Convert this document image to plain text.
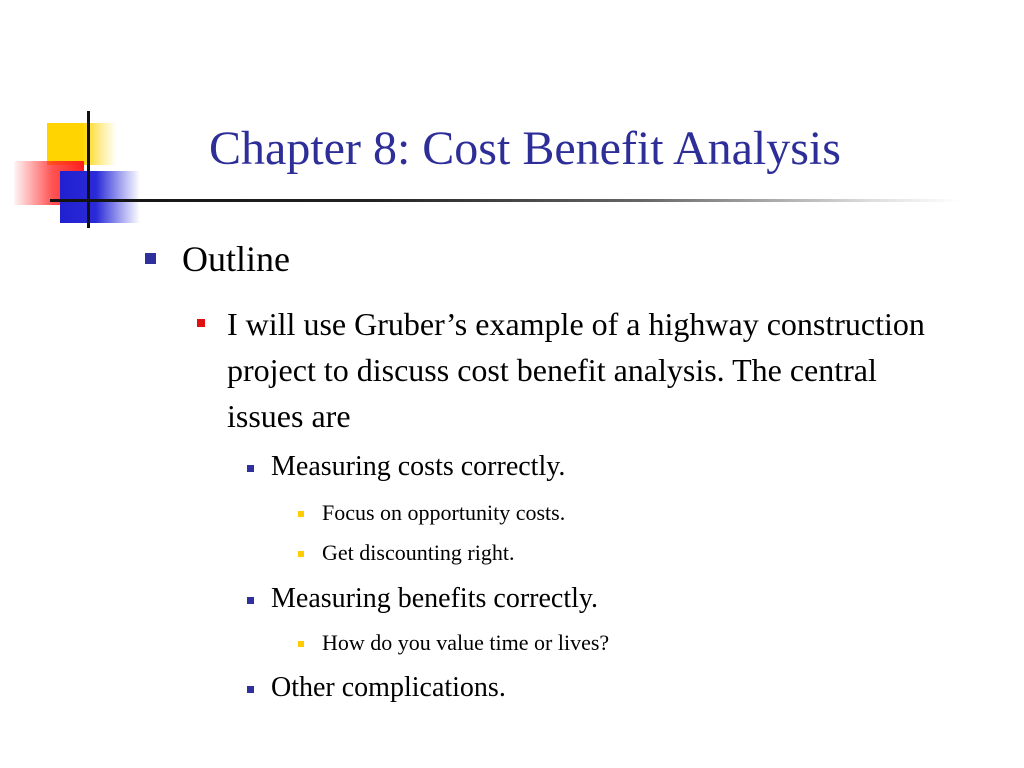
Chapter 8: Cost Benefit Analysis
Outline
I will use Gruber’s example of a highway construction project to discuss cost benefit analysis. The central issues are
Measuring costs correctly.
Focus on opportunity costs.
Get discounting right.
Measuring benefits correctly.
How do you value time or lives?
Other complications.
